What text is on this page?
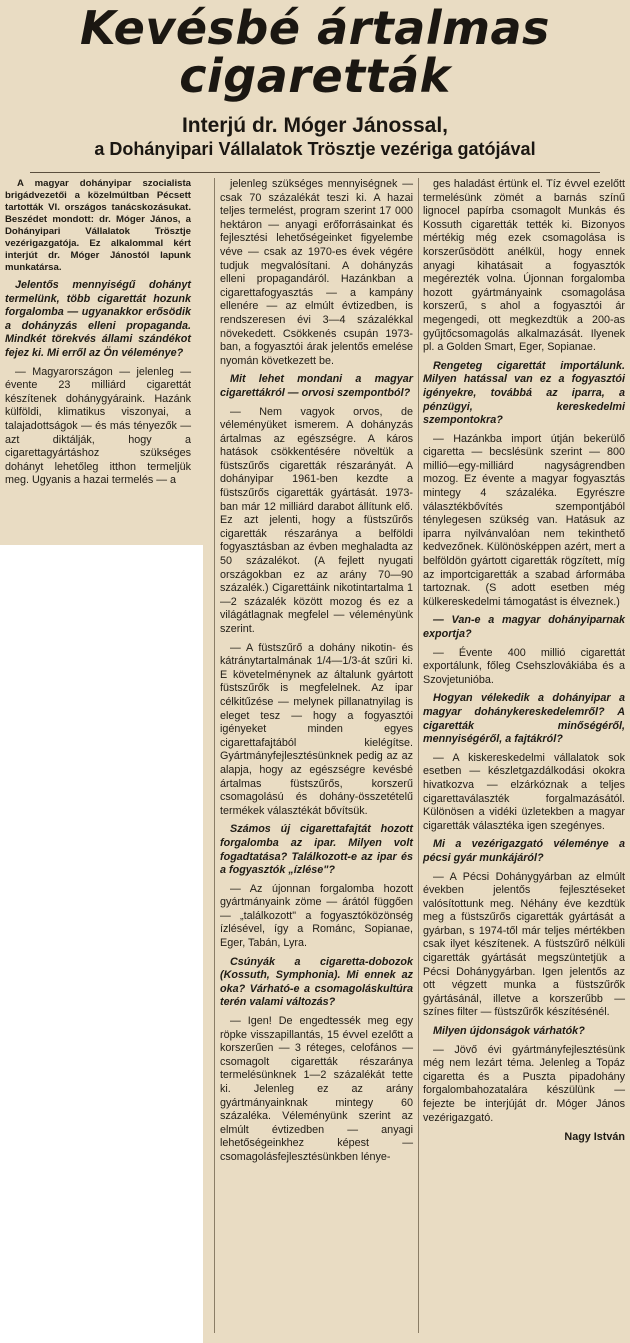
Kevésbé ártalmas
cigaretták
Interjú dr. Móger Jánossal,
a Dohányipari Vállalatok Trösztje vezériga gatójával

A magyar dohányipar szocialista brigádvezetői a közelmúltban Pécsett tartották VI. országos tanácskozásukat. Beszédet mondott: dr. Móger János, a Dohányipari Vállalatok Trösztje vezérigazgatója. Ez alkalommal kért interjút dr. Móger Jánostól lapunk munkatársa.

Jelentős mennyiségű dohányt termelünk, több cigarettát hozunk forgalomba — ugyanakkor erősödik a dohányzás elleni propaganda. Mindkét törekvés állami szándékot fejez ki. Mi erről az Ön véleménye?

— Magyarországon — jelenleg — évente 23 milliárd cigarettát készítenek dohánygyáraink. Hazánk külföldi, klimatikus viszonyai, a talajadottságok — és más tényezők — azt diktálják, hogy a cigarettagyártáshoz szükséges dohányt lehetőleg itthon termeljük meg. Ugyanis a hazai termelés — a

jelenleg szükséges mennyiségnek — csak 70 százalékát teszi ki. A hazai teljes termelést, program szerint 17 000 hektáron — anyagi erőforrásainkat és fejlesztési lehetőségeinket figyelembe véve — csak az 1970-es évek végére tudjuk megvalósítani. A dohányzás elleni propagandáról. Hazánkban a cigarettafogyasztás — a kampány ellenére — az elmúlt évtizedben, is rendszeresen évi 3—4 százalékkal növekedett. Csökkenés csupán 1973-ban, a fogyasztói árak jelentős emelése nyomán következett be.

Mit lehet mondani a magyar cigarettákról — orvosi szempontból?

— Nem vagyok orvos, de véleményüket ismerem. A dohányzás ártalmas az egészségre. A káros hatások csökkentésére növeltük a füstszűrős cigaretták részarányát. A dohányipar 1961-ben kezdte a füstszűrős cigaretták gyártását. 1973-ban már 12 milliárd darabot állítunk elő. Ez azt jelenti, hogy a füstszűrős cigaretták részaránya a belföldi fogyasztásban az évben meghaladta az 50 százalékot. (A fejlett nyugati országokban ez az arány 70—90 százalék.) Cigarettáink nikotintartalma 1—2 százalék között mozog és ez a világátlagnak megfelel — véleményünk szerint.

— A füstszűrő a dohány nikotin- és kátránytartalmának 1/4—1/3-át szűri ki. E követelménynek az általunk gyártott füstszűrők is megfelelnek. Az ipar célkitűzése — melynek pillanatnyilag is eleget tesz — hogy a fogyasztói igényeket minden egyes cigarettafajtából kielégítse. Gyártmányfejlesztésünknek pedig az az alapja, hogy az egészségre kevésbé ártalmas füstszűrős, korszerű csomagolású és dohány-összetételű termékek választékát bővítsük.

Számos új cigarettafajtát hozott forgalomba az ipar. Milyen volt fogadtatása? Találkozott-e az ipar és a fogyasztók „ízlése"?

— Az újonnan forgalomba hozott gyártmányaink zöme — árától függően — „találkozott" a fogyasztóközönség ízlésével, így a Románc, Sopianae, Eger, Tabán, Lyra.

Csúnyák a cigaretta-dobozok (Kossuth, Symphonia). Mi ennek az oka? Várható-e a csomagoláskultúra terén valami változás?

— Igen! De engedtessék meg egy röpke visszapillantás, 15 évvel ezelőtt a korszerűen — 3 réteges, celofános — csomagolt cigaretták részaránya termelésünknek 1—2 százalékát tette ki. Jelenleg ez az arány gyártmányainknak mintegy 60 százaléka. Véleményünk szerint az elmúlt évtizedben — anyagi lehetőségeinkhez képest — csomagolásfejlesztésünkben lénye-

ges haladást értünk el. Tíz évvel ezelőtt termelésünk zömét a barnás színű lignocel papírba csomagolt Munkás és Kossuth cigaretták tették ki. Bizonyos mértékig még ezek csomagolása is korszerűsödött anélkül, hogy ennek anyagi kihatásait a fogyasztók megérezték volna. Újonnan forgalomba hozott gyártmányaink csomagolása korszerű, s ahol a fogyasztói ár megengedi, ott megkezdtük a 200-as gyűjtőcsomagolás alkalmazását. Ilyenek pl. a Golden Smart, Eger, Sopianae.

Rengeteg cigarettát importálunk. Milyen hatással van ez a fogyasztói igényekre, továbbá az iparra, a pénzügyi, kereskedelmi szempontokra?

— Hazánkba import útján bekerülő cigaretta — becslésünk szerint — 800 millió—egy-milliárd nagyságrendben mozog. Ez évente a magyar fogyasztás mintegy 4 százaléka. Egyrészre választékbővítés szempontjából ténylegesen szükség van. Hatásuk az iparra nyilvánvalóan nem tekinthető kedvezőnek. Különösképpen azért, mert a belföldön gyártott cigaretták rögzített, míg az importcigaretták a szabad árformába tartoznak. (S adott esetben még külkereskedelmi támogatást is élveznek.)

— Van-e a magyar dohányiparnak exportja?

— Évente 400 millió cigarettát exportálunk, főleg Csehszlovákiába és a Szovjetunióba.

Hogyan vélekedik a dohányipar a magyar dohánykereskedelemről? A cigaretták minőségéről, mennyiségéről, a fajtákról?

— A kiskereskedelmi vállalatok sok esetben — készletgazdálkodási okokra hivatkozva — elzárkóznak a teljes cigarettaválaszték forgalmazásától. Különösen a vidéki üzletekben a magyar cigaretták választéka igen szegényes.

Mi a vezérigazgató véleménye a pécsi gyár munkájáról?

— A Pécsi Dohánygyárban az elmúlt években jelentős fejlesztéseket valósítottunk meg. Néhány éve kezdtük meg a füstszűrős cigaretták gyártását a gyárban, s 1974-től már teljes mértékben csak ilyet készítenek. A füstszűrő nélküli cigaretták gyártását megszüntetjük a Pécsi Dohánygyárban. Igen jelentős az ott végzett munka a füstszűrők gyártásánál, illetve a korszerűbb — színes filter — füstszűrők készítésénél.

Milyen újdonságok várhatók?

— Jövő évi gyártmányfejlesztésünk még nem lezárt téma. Jelenleg a Topáz cigaretta és a Puszta pipadohány forgalombahozatalára készülünk — fejezte be interjúját dr. Móger János vezérigazgató.

Nagy István
